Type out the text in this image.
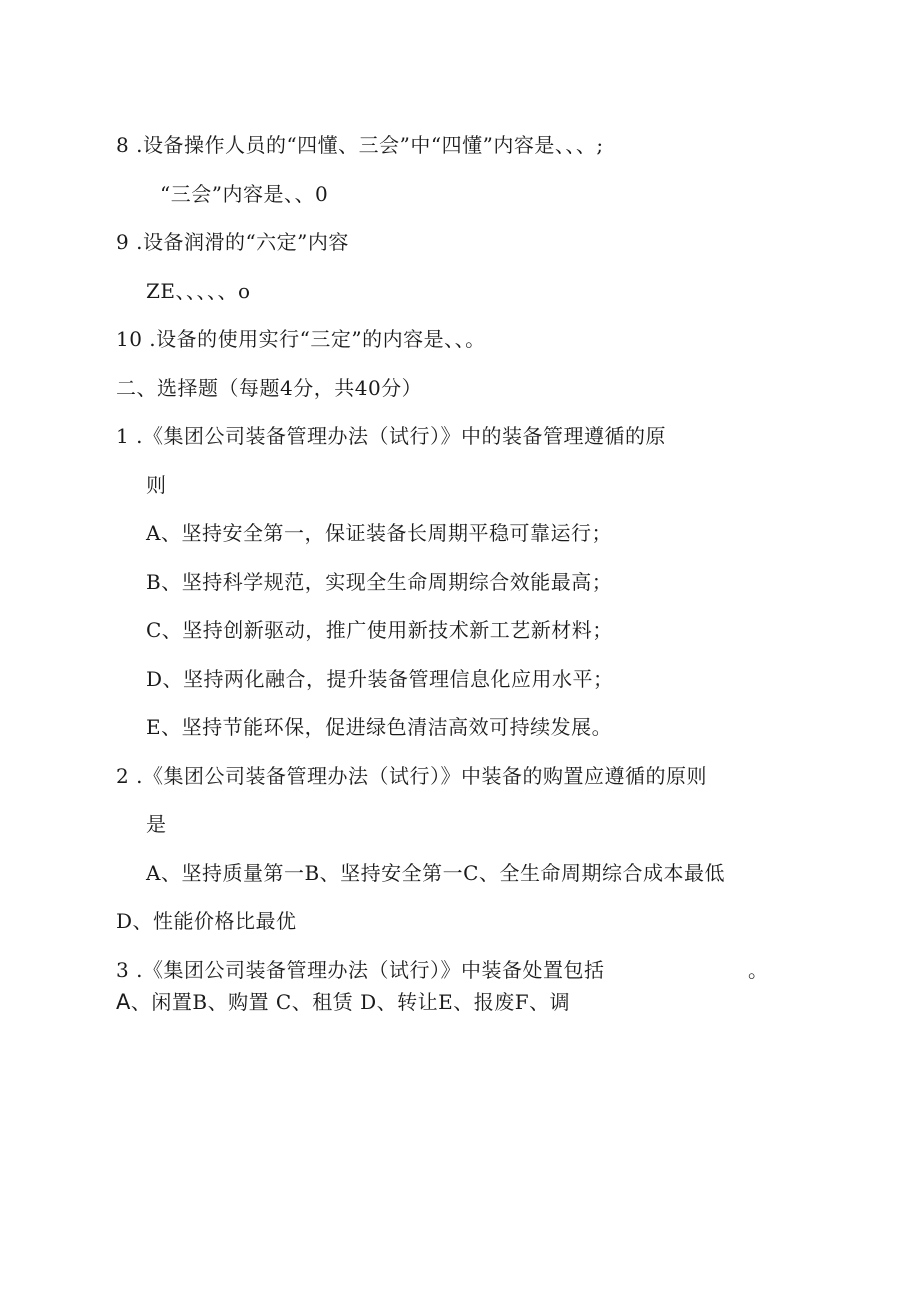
8 .设备操作人员的“四懂、三会”中“四懂”内容是、、、;
“三会”内容是、、0
9 .设备润滑的“六定”内容
ZE、、、、、o
10 .设备的使用实行“三定”的内容是、、。
二、选择题（每题4分，共40分）
1 .《集团公司装备管理办法（试行）》中的装备管理遵循的原
则
A、坚持安全第一，保证装备长周期平稳可靠运行；
B、坚持科学规范，实现全生命周期综合效能最高；
C、坚持创新驱动，推广使用新技术新工艺新材料；
D、坚持两化融合，提升装备管理信息化应用水平；
E、坚持节能环保，促进绿色清洁高效可持续发展。
2 .《集团公司装备管理办法（试行）》中装备的购置应遵循的原则
是
A、坚持质量第一B、坚持安全第一C、全生命周期综合成本最低
D、性能价格比最优
3 .《集团公司装备管理办法（试行）》中装备处置包括	。
A、闲置B、购置 C、租赁 D、转让E、报废F、调
